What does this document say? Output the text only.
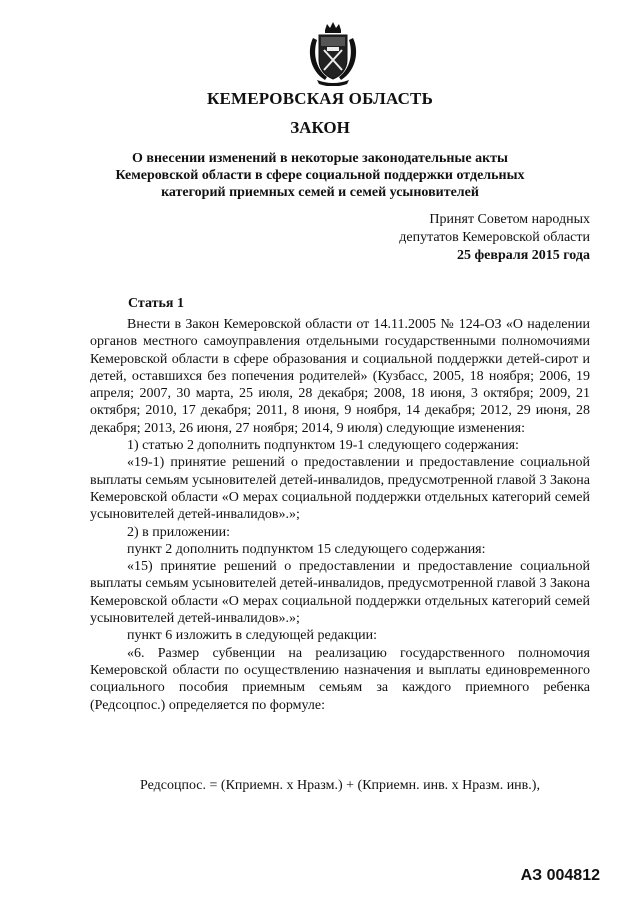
КЕМЕРОВСКАЯ ОБЛАСТЬ
ЗАКОН
О внесении изменений в некоторые законодательные акты
Кемеровской области в сфере социальной поддержки отдельных
категорий приемных семей и семей усыновителей
Принят Советом народных
депутатов Кемеровской области
25 февраля 2015 года
Статья 1

Внести в Закон Кемеровской области от 14.11.2005 № 124-ОЗ «О наделении органов местного самоуправления отдельными государственными полномочиями Кемеровской области в сфере образования и социальной поддержки детей-сирот и детей, оставшихся без попечения родителей» (Кузбасс, 2005, 18 ноября; 2006, 19 апреля; 2007, 30 марта, 25 июля, 28 декабря; 2008, 18 июня, 3 октября; 2009, 21 октября; 2010, 17 декабря; 2011, 8 июня, 9 ноября, 14 декабря; 2012, 29 июня, 28 декабря; 2013, 26 июня, 27 ноября; 2014, 9 июля) следующие изменения:

1) статью 2 дополнить подпунктом 19-1 следующего содержания:

«19-1) принятие решений о предоставлении и предоставление социальной выплаты семьям усыновителей детей-инвалидов, предусмотренной главой 3 Закона Кемеровской области «О мерах социальной поддержки отдельных категорий семей усыновителей детей-инвалидов».»;

2) в приложении:

пункт 2 дополнить подпунктом 15 следующего содержания:

«15) принятие решений о предоставлении и предоставление социальной выплаты семьям усыновителей детей-инвалидов, предусмотренной главой 3 Закона Кемеровской области «О мерах социальной поддержки отдельных категорий семей усыновителей детей-инвалидов».»;

пункт 6 изложить в следующей редакции:

«6. Размер субвенции на реализацию государственного полномочия Кемеровской области по осуществлению назначения и выплаты единовременного социального пособия приемным семьям за каждого приемного ребенка (Редсоцпос.) определяется по формуле:

Редсоцпос. = (Кприемн. х Нразм.) + (Кприемн. инв. х Нразм. инв.),
АЗ 004812
